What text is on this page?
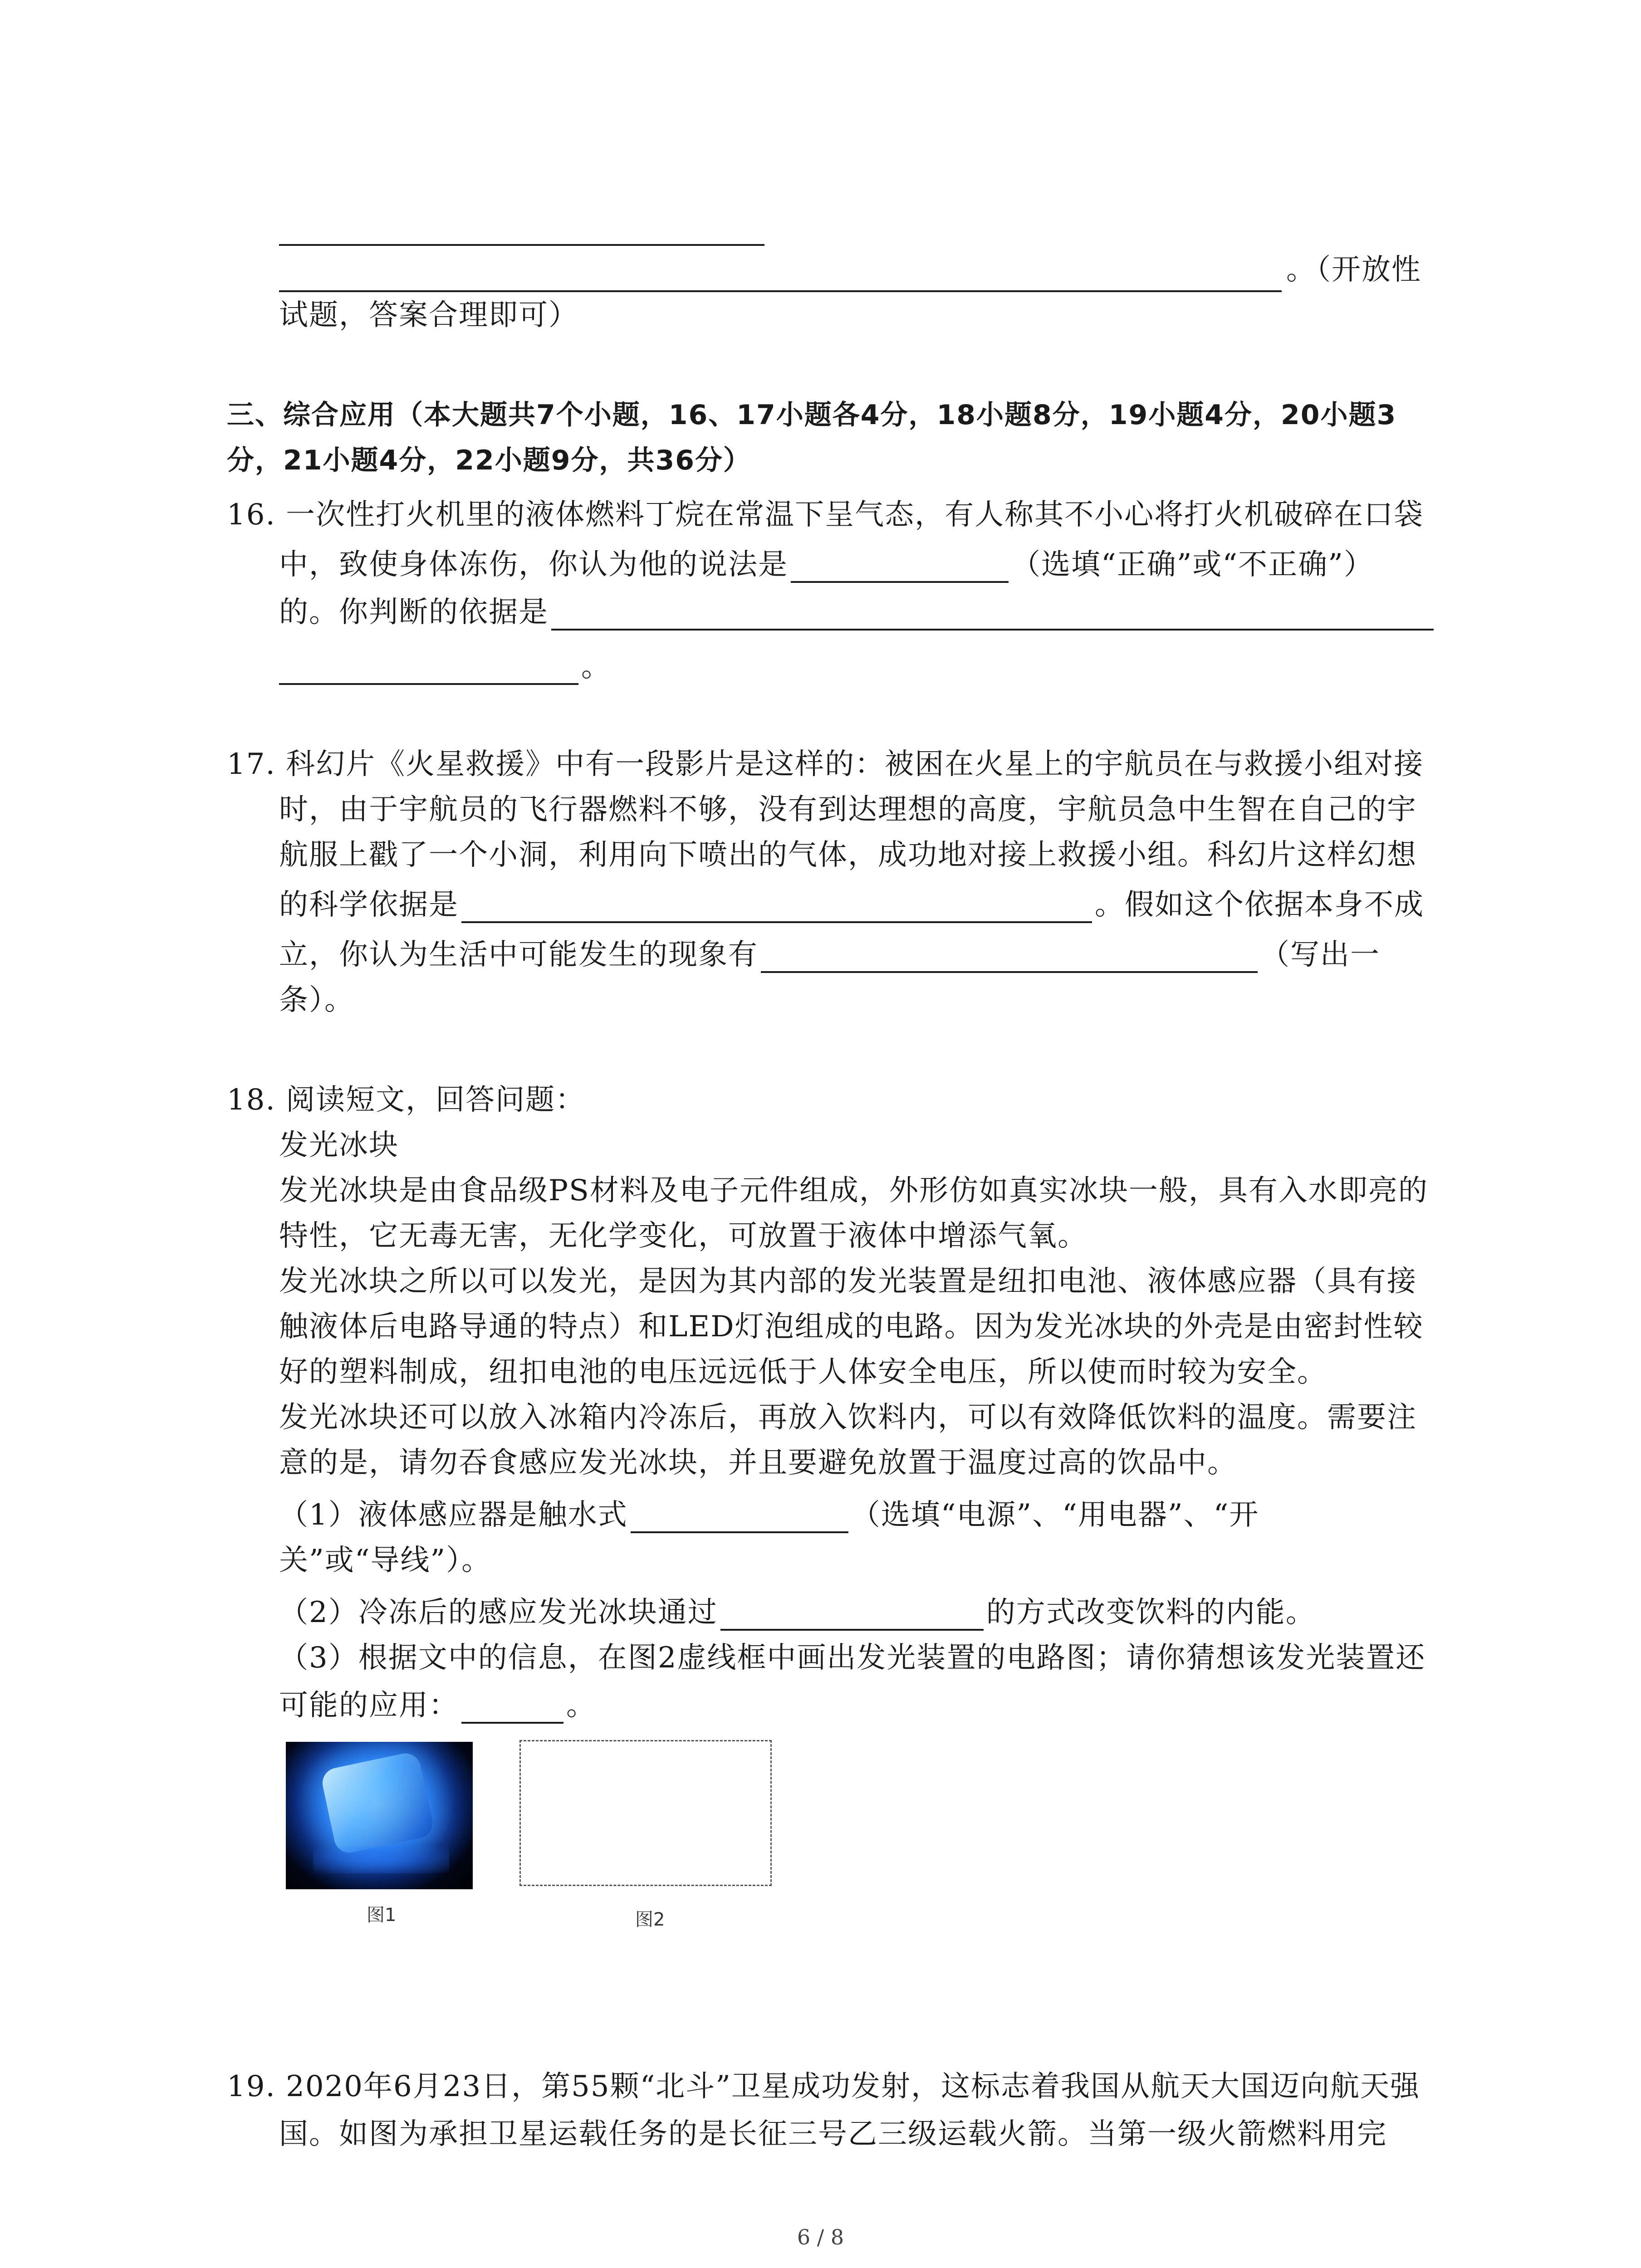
。（开放性
试题，答案合理即可）
三、综合应用（本大题共7个小题，16、17小题各4分，18小题8分，19小题4分，20小题3
分，21小题4分，22小题9分，共36分）
16. 一次性打火机里的液体燃料丁烷在常温下呈气态，有人称其不小心将打火机破碎在口袋
中，致使身体冻伤，你认为他的说法是	（选填“正确”或“不正确”）
的。你判断的依据是
。
17. 科幻片《火星救援》中有一段影片是这样的：被困在火星上的宇航员在与救援小组对接
时，由于宇航员的飞行器燃料不够，没有到达理想的高度，宇航员急中生智在自己的宇
航服上戳了一个小洞，利用向下喷出的气体，成功地对接上救援小组。科幻片这样幻想
的科学依据是	。假如这个依据本身不成
立，你认为生活中可能发生的现象有	（写出一
条）。
18. 阅读短文，回答问题：
发光冰块
发光冰块是由食品级PS材料及电子元件组成，外形仿如真实冰块一般，具有入水即亮的
特性，它无毒无害，无化学变化，可放置于液体中增添气氧。
发光冰块之所以可以发光，是因为其内部的发光装置是纽扣电池、液体感应器（具有接
触液体后电路导通的特点）和LED灯泡组成的电路。因为发光冰块的外壳是由密封性较
好的塑料制成，纽扣电池的电压远远低于人体安全电压，所以使而时较为安全。
发光冰块还可以放入冰箱内冷冻后，再放入饮料内，可以有效降低饮料的温度。需要注
意的是，请勿吞食感应发光冰块，并且要避免放置于温度过高的饮品中。
（1）液体感应器是触水式	（选填“电源”、“用电器”、“开
关”或“导线”）。
（2）冷冻后的感应发光冰块通过	的方式改变饮料的内能。
（3）根据文中的信息，在图2虚线框中画出发光装置的电路图；请你猜想该发光装置还
可能的应用：	。
图1	图2
19. 2020年6月23日，第55颗“北斗”卫星成功发射，这标志着我国从航天大国迈向航天强
国。如图为承担卫星运载任务的是长征三号乙三级运载火箭。当第一级火箭燃料用完
6 / 8
